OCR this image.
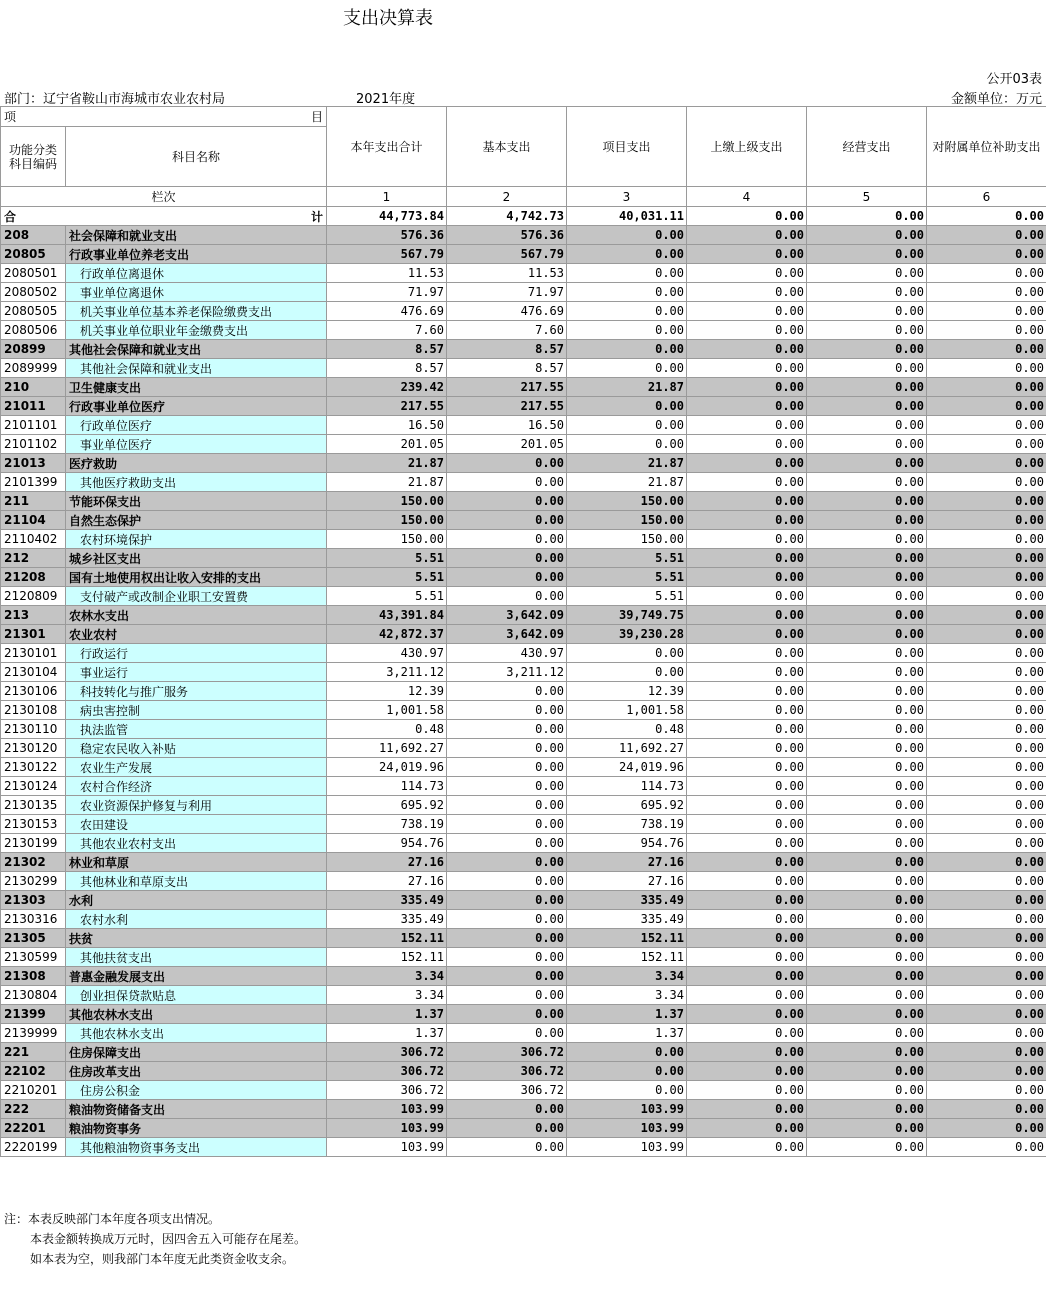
支出决算表
公开03表
部门：辽宁省鞍山市海城市农业农村局	2021年度	金额单位：万元
项 目		本年支出合计	基本支出	项目支出	上缴上级支出	经营支出	对附属单位补助支出
功能分类科目编码	科目名称						
栏次		1	2	3	4	5	6

合 计		44,773.84	4,742.73	40,031.11	0.00	0.00	0.00
208	社会保障和就业支出	576.36	576.36	0.00	0.00	0.00	0.00
20805	行政事业单位养老支出	567.79	567.79	0.00	0.00	0.00	0.00
2080501	行政单位离退休	11.53	11.53	0.00	0.00	0.00	0.00
2080502	事业单位离退休	71.97	71.97	0.00	0.00	0.00	0.00
2080505	机关事业单位基本养老保险缴费支出	476.69	476.69	0.00	0.00	0.00	0.00
2080506	机关事业单位职业年金缴费支出	7.60	7.60	0.00	0.00	0.00	0.00
20899	其他社会保障和就业支出	8.57	8.57	0.00	0.00	0.00	0.00
2089999	其他社会保障和就业支出	8.57	8.57	0.00	0.00	0.00	0.00
210	卫生健康支出	239.42	217.55	21.87	0.00	0.00	0.00
21011	行政事业单位医疗	217.55	217.55	0.00	0.00	0.00	0.00
2101101	行政单位医疗	16.50	16.50	0.00	0.00	0.00	0.00
2101102	事业单位医疗	201.05	201.05	0.00	0.00	0.00	0.00
21013	医疗救助	21.87	0.00	21.87	0.00	0.00	0.00
2101399	其他医疗救助支出	21.87	0.00	21.87	0.00	0.00	0.00
211	节能环保支出	150.00	0.00	150.00	0.00	0.00	0.00
21104	自然生态保护	150.00	0.00	150.00	0.00	0.00	0.00
2110402	农村环境保护	150.00	0.00	150.00	0.00	0.00	0.00
212	城乡社区支出	5.51	0.00	5.51	0.00	0.00	0.00
21208	国有土地使用权出让收入安排的支出	5.51	0.00	5.51	0.00	0.00	0.00
2120809	支付破产或改制企业职工安置费	5.51	0.00	5.51	0.00	0.00	0.00
213	农林水支出	43,391.84	3,642.09	39,749.75	0.00	0.00	0.00
21301	农业农村	42,872.37	3,642.09	39,230.28	0.00	0.00	0.00
2130101	行政运行	430.97	430.97	0.00	0.00	0.00	0.00
2130104	事业运行	3,211.12	3,211.12	0.00	0.00	0.00	0.00
2130106	科技转化与推广服务	12.39	0.00	12.39	0.00	0.00	0.00
2130108	病虫害控制	1,001.58	0.00	1,001.58	0.00	0.00	0.00
2130110	执法监管	0.48	0.00	0.48	0.00	0.00	0.00
2130120	稳定农民收入补贴	11,692.27	0.00	11,692.27	0.00	0.00	0.00
2130122	农业生产发展	24,019.96	0.00	24,019.96	0.00	0.00	0.00
2130124	农村合作经济	114.73	0.00	114.73	0.00	0.00	0.00
2130135	农业资源保护修复与利用	695.92	0.00	695.92	0.00	0.00	0.00
2130153	农田建设	738.19	0.00	738.19	0.00	0.00	0.00
2130199	其他农业农村支出	954.76	0.00	954.76	0.00	0.00	0.00
21302	林业和草原	27.16	0.00	27.16	0.00	0.00	0.00
2130299	其他林业和草原支出	27.16	0.00	27.16	0.00	0.00	0.00
21303	水利	335.49	0.00	335.49	0.00	0.00	0.00
2130316	农村水利	335.49	0.00	335.49	0.00	0.00	0.00
21305	扶贫	152.11	0.00	152.11	0.00	0.00	0.00
2130599	其他扶贫支出	152.11	0.00	152.11	0.00	0.00	0.00
21308	普惠金融发展支出	3.34	0.00	3.34	0.00	0.00	0.00
2130804	创业担保贷款贴息	3.34	0.00	3.34	0.00	0.00	0.00
21399	其他农林水支出	1.37	0.00	1.37	0.00	0.00	0.00
2139999	其他农林水支出	1.37	0.00	1.37	0.00	0.00	0.00
221	住房保障支出	306.72	306.72	0.00	0.00	0.00	0.00
22102	住房改革支出	306.72	306.72	0.00	0.00	0.00	0.00
2210201	住房公积金	306.72	306.72	0.00	0.00	0.00	0.00
222	粮油物资储备支出	103.99	0.00	103.99	0.00	0.00	0.00
22201	粮油物资事务	103.99	0.00	103.99	0.00	0.00	0.00
2220199	其他粮油物资事务支出	103.99	0.00	103.99	0.00	0.00	0.00
注：本表反映部门本年度各项支出情况。
本表金额转换成万元时，因四舍五入可能存在尾差。
如本表为空，则我部门本年度无此类资金收支余。
